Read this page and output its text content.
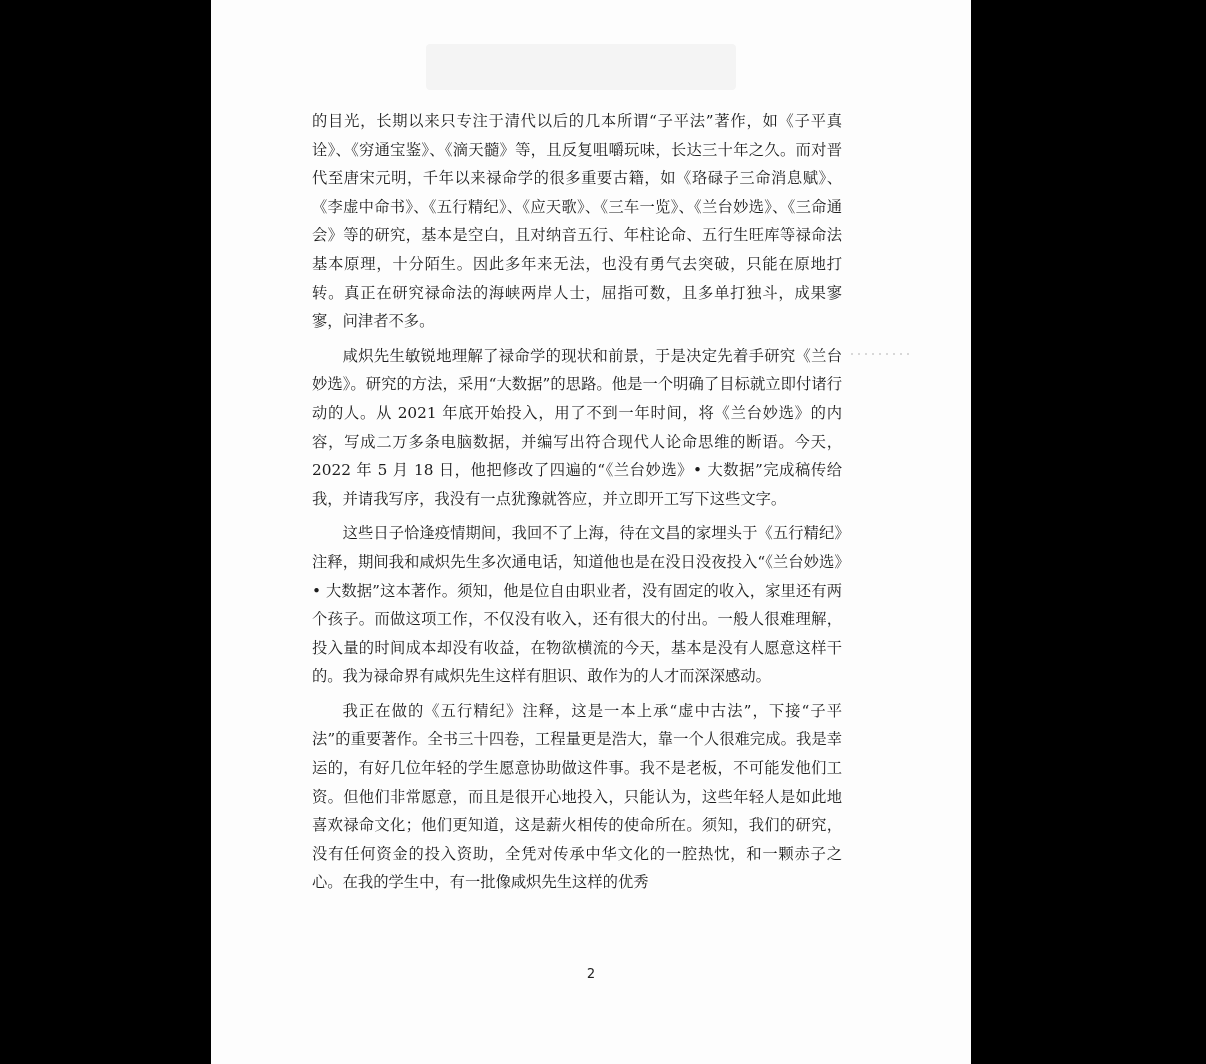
的目光，长期以来只专注于清代以后的几本所谓“子平法”著作，如《子平真诠》、《穷通宝鉴》、《滴天髓》等，且反复咀嚼玩味，长达三十年之久。而对晋代至唐宋元明，千年以来禄命学的很多重要古籍，如《珞碌子三命消息赋》、《李虚中命书》、《五行精纪》、《应天歌》、《三车一览》、《兰台妙选》、《三命通会》等的研究，基本是空白，且对纳音五行、年柱论命、五行生旺库等禄命法基本原理，十分陌生。因此多年来无法，也没有勇气去突破，只能在原地打转。真正在研究禄命法的海峡两岸人士，屈指可数，且多单打独斗，成果寥寥，问津者不多。

咸炽先生敏锐地理解了禄命学的现状和前景，于是决定先着手研究《兰台妙选》。研究的方法，采用“大数据”的思路。他是一个明确了目标就立即付诸行动的人。从 2021 年底开始投入，用了不到一年时间，将《兰台妙选》的内容，写成二万多条电脑数据，并编写出符合现代人论命思维的断语。今天，2022 年 5 月 18 日，他把修改了四遍的“《兰台妙选》• 大数据”完成稿传给我，并请我写序，我没有一点犹豫就答应，并立即开工写下这些文字。

这些日子恰逢疫情期间，我回不了上海，待在文昌的家埋头于《五行精纪》注释，期间我和咸炽先生多次通电话，知道他也是在没日没夜投入“《兰台妙选》• 大数据”这本著作。须知，他是位自由职业者，没有固定的收入，家里还有两个孩子。而做这项工作，不仅没有收入，还有很大的付出。一般人很难理解，投入量的时间成本却没有收益，在物欲横流的今天，基本是没有人愿意这样干的。我为禄命界有咸炽先生这样有胆识、敢作为的人才而深深感动。

我正在做的《五行精纪》注释，这是一本上承“虚中古法”，下接“子平法”的重要著作。全书三十四卷，工程量更是浩大，靠一个人很难完成。我是幸运的，有好几位年轻的学生愿意协助做这件事。我不是老板，不可能发他们工资。但他们非常愿意，而且是很开心地投入，只能认为，这些年轻人是如此地喜欢禄命文化；他们更知道，这是薪火相传的使命所在。须知，我们的研究，没有任何资金的投入资助，全凭对传承中华文化的一腔热忱，和一颗赤子之心。在我的学生中，有一批像咸炽先生这样的优秀

2
